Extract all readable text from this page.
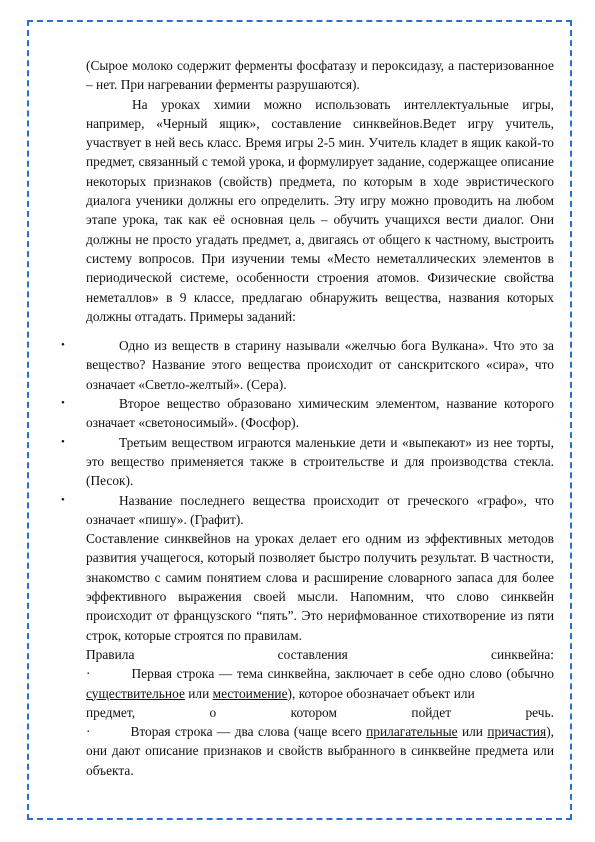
(Сырое молоко содержит ферменты фосфатазу и пероксидазу, а пастеризованное – нет. При нагревании ферменты разрушаются).

На уроках химии можно использовать интеллектуальные игры, например, «Черный ящик», составление синквейнов.Ведет игру учитель, участвует в ней весь класс. Время игры 2-5 мин. Учитель кладет в ящик какой-то предмет, связанный с темой урока, и формулирует задание, содержащее описание некоторых признаков (свойств) предмета, по которым в ходе эвристического диалога ученики должны его определить. Эту игру можно проводить на любом этапе урока, так как её основная цель – обучить учащихся вести диалог. Они должны не просто угадать предмет, а, двигаясь от общего к частному, выстроить систему вопросов. При изучении темы «Место неметаллических элементов в периодической системе, особенности строения атомов. Физические свойства неметаллов» в 9 классе, предлагаю обнаружить вещества, названия которых должны отгадать. Примеры заданий:

•	Одно из веществ в старину называли «желчью бога Вулкана». Что это за вещество? Название этого вещества происходит от санскритского «сира», что означает «Светло-желтый». (Сера).
•	Второе вещество образовано химическим элементом, название которого означает «светоносимый». (Фосфор).
•	Третьим веществом играются маленькие дети и «выпекают» из нее торты, это вещество применяется также в строительстве и для производства стекла. (Песок).
•	Название последнего вещества происходит от греческого «графо», что означает «пишу». (Графит).

Составление синквейнов на уроках делает его одним из эффективных методов развития учащегося, который позволяет быстро получить результат. В частности, знакомство с самим понятием слова и расширение словарного запаса для более эффективного выражения своей мысли. Напомним, что слово синквейн происходит от французского “пять”. Это нерифмованное стихотворение из пяти строк, которые строятся по правилам.

Правила	составления	синквейна:

·	Первая строка — тема синквейна, заключает в себе одно слово (обычно существительное или местоимение), которое обозначает объект или

предмет,	о	котором	пойдет	речь.

·	Вторая строка — два слова (чаще всего прилагательные или причастия), они дают описание признаков и свойств выбранного в синквейне предмета или объекта.
